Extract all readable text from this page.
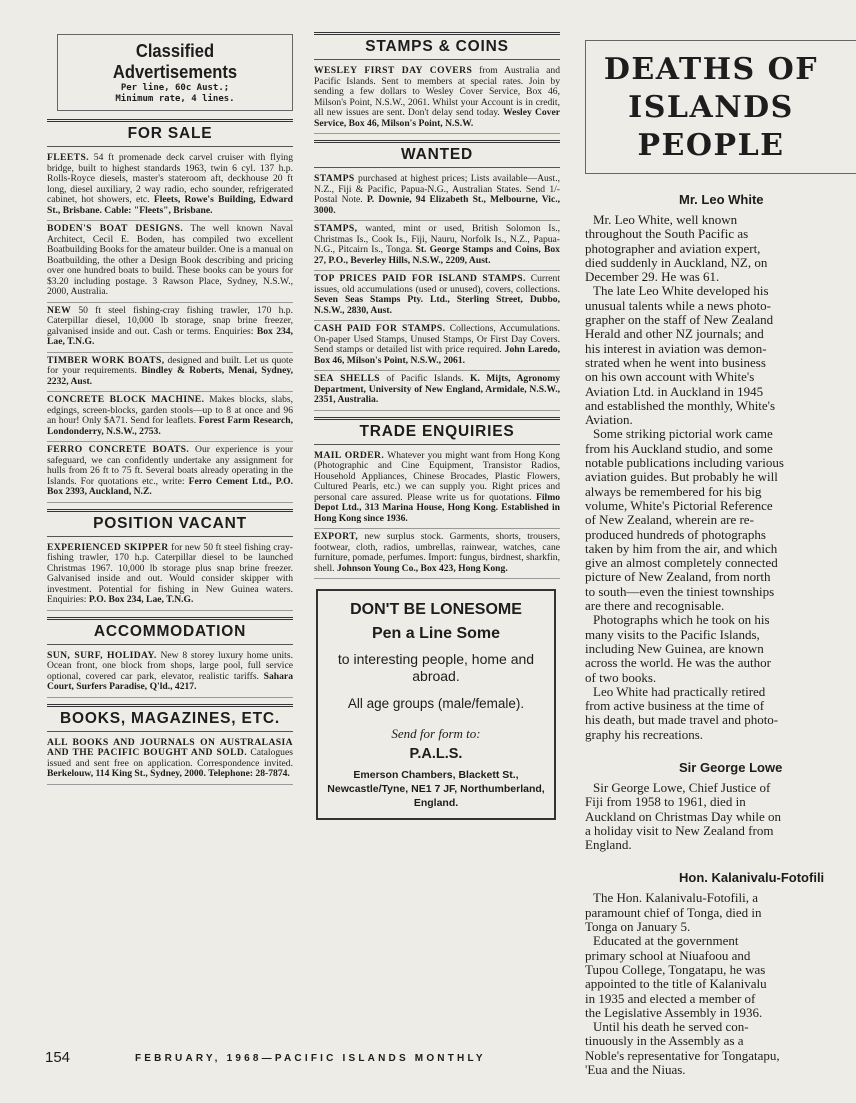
Classified Advertisements
Per line, 60c Aust.;
Minimum rate, 4 lines.
FOR SALE

FLEETS. 54 ft promenade deck carvel cruiser with flying bridge, built to highest standards 1963, twin 6 cyl. 137 h.p. Rolls-Royce diesels, master's stateroom aft, deckhouse 20 ft long, diesel auxiliary, 2 way radio, echo sounder, refrigerated cabinet, hot showers, etc. Fleets, Rowe's Building, Edward St., Brisbane. Cable: "Fleets", Brisbane.

BODEN'S BOAT DESIGNS. The well known Naval Architect, Cecil E. Boden, has compiled two excellent Boatbuilding Books for the amateur builder. One is a manual on Boatbuilding, the other a Design Book describing and pricing over one hundred boats to build. These books can be yours for $3.20 including postage. 3 Rawson Place, Sydney, N.S.W., 2000, Australia.

NEW 50 ft steel fishing-cray fishing trawler, 170 h.p. Caterpillar diesel, 10,000 lb storage, snap brine freezer, galvanised inside and out. Cash or terms. Enquiries: Box 234, Lae, T.N.G.

TIMBER WORK BOATS, designed and built. Let us quote for your requirements. Bindley & Roberts, Menai, Sydney, 2232, Aust.

CONCRETE BLOCK MACHINE. Makes blocks, slabs, edgings, screen-blocks, garden stools—up to 8 at once and 96 an hour! Only $A71. Send for leaflets. Forest Farm Research, Londonderry, N.S.W., 2753.

FERRO CONCRETE BOATS. Our experience is your safeguard, we can confidently undertake any assignment for hulls from 26 ft to 75 ft. Several boats already operating in the Islands. For quotations etc., write: Ferro Cement Ltd., P.O. Box 2393, Auckland, N.Z.

POSITION VACANT

EXPERIENCED SKIPPER for new 50 ft steel fishing cray-fishing trawler, 170 h.p. Caterpillar diesel to be launched Christmas 1967. 10,000 lb storage plus snap brine freezer. Galvanised inside and out. Would consider skipper with investment. Potential for fishing in New Guinea waters. Enquiries: P.O. Box 234, Lae, T.N.G.

ACCOMMODATION

SUN, SURF, HOLIDAY. New 8 storey luxury home units. Ocean front, one block from shops, large pool, full service optional, covered car park, elevator, realistic tariffs. Sahara Court, Surfers Paradise, Q'ld., 4217.

BOOKS, MAGAZINES, ETC.

ALL BOOKS AND JOURNALS ON AUSTRALASIA AND THE PACIFIC BOUGHT AND SOLD. Catalogues issued and sent free on application. Correspondence invited. Berkelouw, 114 King St., Sydney, 2000. Telephone: 28-7874.

STAMPS & COINS

WESLEY FIRST DAY COVERS from Australia and Pacific Islands. Sent to members at special rates. Join by sending a few dollars to Wesley Cover Service, Box 46, Milson's Point, N.S.W., 2061. Whilst your Account is in credit, all new issues are sent. Don't delay send today. Wesley Cover Service, Box 46, Milson's Point, N.S.W.

WANTED

STAMPS purchased at highest prices; Lists available—Aust., N.Z., Fiji & Pacific, Papua-N.G., Australian States. Send 1/- Postal Note. P. Downie, 94 Elizabeth St., Melbourne, Vic., 3000.

STAMPS, wanted, mint or used, British Solomon Is., Christmas Is., Cook Is., Fiji, Nauru, Norfolk Is., N.Z., Papua-N.G., Pitcairn Is., Tonga. St. George Stamps and Coins, Box 27, P.O., Beverley Hills, N.S.W., 2209, Aust.

TOP PRICES PAID FOR ISLAND STAMPS. Current issues, old accumulations (used or unused), covers, collections. Seven Seas Stamps Pty. Ltd., Sterling Street, Dubbo, N.S.W., 2830, Aust.

CASH PAID FOR STAMPS. Collections, Accumulations. On-paper Used Stamps, Unused Stamps, Or First Day Covers. Send stamps or detailed list with price required. John Laredo, Box 46, Milson's Point, N.S.W., 2061.

SEA SHELLS of Pacific Islands. K. Mijts, Agronomy Department, University of New England, Armidale, N.S.W., 2351, Australia.

TRADE ENQUIRIES

MAIL ORDER. Whatever you might want from Hong Kong (Photographic and Cine Equipment, Transistor Radios, Household Appliances, Chinese Brocades, Plastic Flowers, Cultured Pearls, etc.) we can supply you. Right prices and personal care assured. Please write us for quotations. Filmo Depot Ltd., 313 Marina House, Hong Kong. Established in Hong Kong since 1936.

EXPORT, new surplus stock. Garments, shorts, trousers, footwear, cloth, radios, umbrellas, rainwear, watches, cane furniture, pomade, perfumes. Import: fungus, birdnest, sharkfin, shell. Johnson Young Co., Box 423, Hong Kong.

DON'T BE LONESOME
Pen a Line Some
to interesting people, home and abroad.
All age groups (male/female).
Send for form to:
P.A.L.S.
Emerson Chambers, Blackett St., Newcastle/Tyne, NE1 7 JF, Northumberland, England.
DEATHS OF
ISLANDS
PEOPLE
Mr. Leo White

Mr. Leo White, well known

throughout the South Pacific as

photographer and aviation expert,

died suddenly in Auckland, NZ, on

December 29. He was 61.

The late Leo White developed his

unusual talents while a news photo-

grapher on the staff of New Zealand

Herald and other NZ journals; and

his interest in aviation was demon-

strated when he went into business

on his own account with White's

Aviation Ltd. in Auckland in 1945

and established the monthly, White's

Aviation.

Some striking pictorial work came

from his Auckland studio, and some

notable publications including various

aviation guides. But probably he will

always be remembered for his big

volume, White's Pictorial Reference

of New Zealand, wherein are re-

produced hundreds of photographs

taken by him from the air, and which

give an almost completely connected

picture of New Zealand, from north

to south—even the tiniest townships

are there and recognisable.

Photographs which he took on his

many visits to the Pacific Islands,

including New Guinea, are known

across the world. He was the author

of two books.

Leo White had practically retired

from active business at the time of

his death, but made travel and photo-

graphy his recreations.

Sir George Lowe

Sir George Lowe, Chief Justice of

Fiji from 1958 to 1961, died in

Auckland on Christmas Day while on

a holiday visit to New Zealand from

England.

Hon. Kalanivalu-Fotofili

The Hon. Kalanivalu-Fotofili, a

paramount chief of Tonga, died in

Tonga on January 5.

Educated at the government

primary school at Niuafoou and

Tupou College, Tongatapu, he was

appointed to the title of Kalanivalu

in 1935 and elected a member of

the Legislative Assembly in 1936.

Until his death he served con-

tinuously in the Assembly as a

Noble's representative for Tongatapu,

'Eua and the Niuas.

154	FEBRUARY, 1968—PACIFIC ISLANDS MONTHLY
